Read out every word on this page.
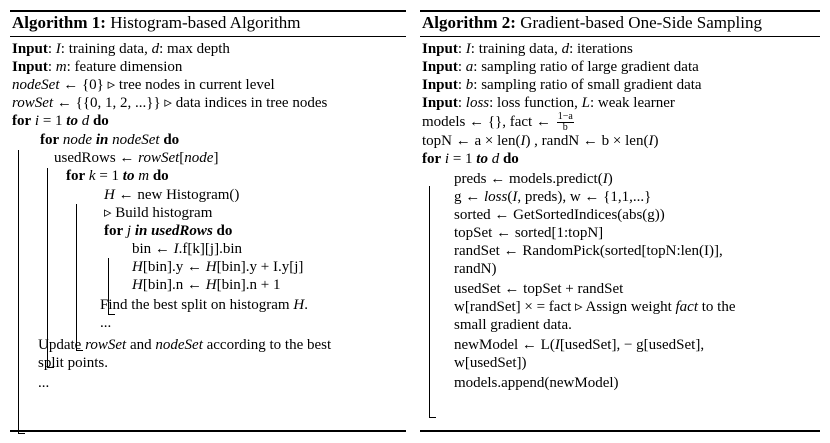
Algorithm 1: Histogram-based Algorithm
Input: I: training data, d: max depth
Input: m: feature dimension
nodeSet ← {0} ▹ tree nodes in current level
rowSet ← {{0, 1, 2, ...}} ▹ data indices in tree nodes
for i = 1 to d do
for node in nodeSet do
usedRows ← rowSet[node]
for k = 1 to m do
H ← new Histogram()
▹ Build histogram
for j in usedRows do
bin ← I.f[k][j].bin
H[bin].y ← H[bin].y + I.y[j]
H[bin].n ← H[bin].n + 1
Find the best split on histogram H.
...
Update rowSet and nodeSet according to the best
split points.
...
Algorithm 2: Gradient-based One-Side Sampling
Input: I: training data, d: iterations
Input: a: sampling ratio of large gradient data
Input: b: sampling ratio of small gradient data
Input: loss: loss function, L: weak learner
models ← {}, fact ← $\frac{1-a}{b}$
topN ← a × len(I) , randN ← b × len(I)
for i = 1 to d do
preds ← models.predict(I)
g ← loss(I, preds), w ← {1,1,...}
sorted ← GetSortedIndices(abs(g))
topSet ← sorted[1:topN]
randSet ← RandomPick(sorted[topN:len(I)],
randN)
usedSet ← topSet + randSet
w[randSet] × = fact ▹ Assign weight fact to the
small gradient data.
newModel ← L(I[usedSet], − g[usedSet],
w[usedSet])
models.append(newModel)
